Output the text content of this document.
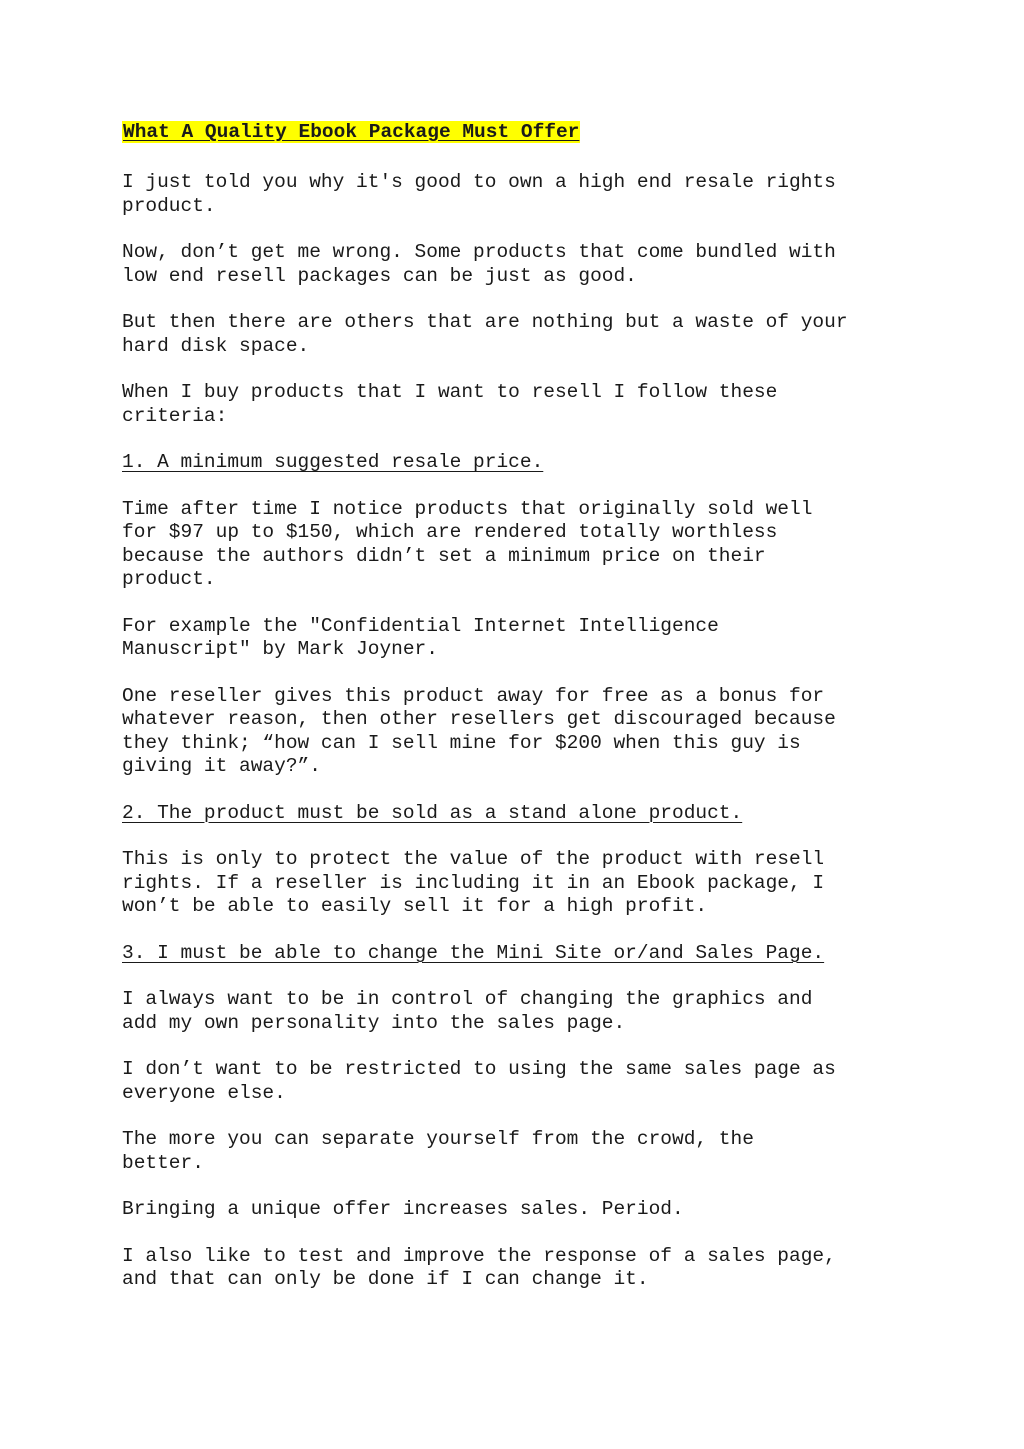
What A Quality Ebook Package Must Offer

I just told you why it's good to own a high end resale rights
product.

Now, don’t get me wrong. Some products that come bundled with
low end resell packages can be just as good.

But then there are others that are nothing but a waste of your
hard disk space.

When I buy products that I want to resell I follow these
criteria:

1. A minimum suggested resale price.

Time after time I notice products that originally sold well
for $97 up to $150, which are rendered totally worthless
because the authors didn’t set a minimum price on their
product.

For example the "Confidential Internet Intelligence
Manuscript" by Mark Joyner.

One reseller gives this product away for free as a bonus for
whatever reason, then other resellers get discouraged because
they think; “how can I sell mine for $200 when this guy is
giving it away?”.

2. The product must be sold as a stand alone product.

This is only to protect the value of the product with resell
rights. If a reseller is including it in an Ebook package, I
won’t be able to easily sell it for a high profit.

3. I must be able to change the Mini Site or/and Sales Page.

I always want to be in control of changing the graphics and
add my own personality into the sales page.

I don’t want to be restricted to using the same sales page as
everyone else.

The more you can separate yourself from the crowd, the
better.

Bringing a unique offer increases sales. Period.

I also like to test and improve the response of a sales page,
and that can only be done if I can change it.
